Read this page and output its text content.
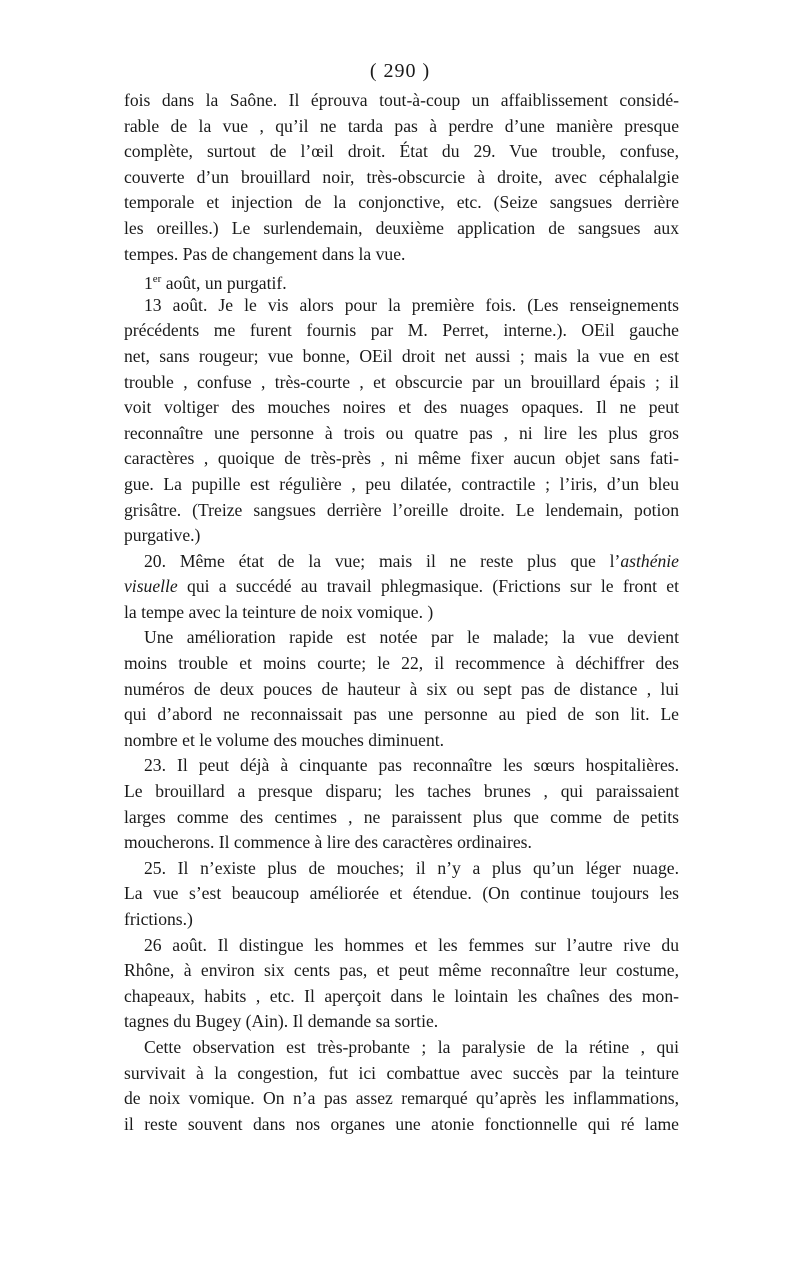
( 290 )
fois dans la Saône. Il éprouva tout-à-coup un affaiblissement considé-
rable de la vue , qu’il ne tarda pas à perdre d’une manière presque
complète, surtout de l’œil droit. État du 29. Vue trouble, confuse,
couverte d’un brouillard noir, très-obscurcie à droite, avec céphalalgie
temporale et injection de la conjonctive, etc. (Seize sangsues derrière
les oreilles.) Le surlendemain, deuxième application de sangsues aux
tempes. Pas de changement dans la vue.
1er août, un purgatif.
13 août. Je le vis alors pour la première fois. (Les renseignements
précédents me furent fournis par M. Perret, interne.). OEil gauche
net, sans rougeur; vue bonne, OEil droit net aussi ; mais la vue en est
trouble , confuse , très-courte , et obscurcie par un brouillard épais ; il
voit voltiger des mouches noires et des nuages opaques. Il ne peut
reconnaître une personne à trois ou quatre pas , ni lire les plus gros
caractères , quoique de très-près , ni même fixer aucun objet sans fati-
gue. La pupille est régulière , peu dilatée, contractile ; l’iris, d’un bleu
grisâtre. (Treize sangsues derrière l’oreille droite. Le lendemain, potion
purgative.)
20. Même état de la vue; mais il ne reste plus que l’asthénie
visuelle qui a succédé au travail phlegmasique. (Frictions sur le front et
la tempe avec la teinture de noix vomique. )
Une amélioration rapide est notée par le malade; la vue devient
moins trouble et moins courte; le 22, il recommence à déchiffrer des
numéros de deux pouces de hauteur à six ou sept pas de distance , lui
qui d’abord ne reconnaissait pas une personne au pied de son lit. Le
nombre et le volume des mouches diminuent.
23. Il peut déjà à cinquante pas reconnaître les sœurs hospitalières.
Le brouillard a presque disparu; les taches brunes , qui paraissaient
larges comme des centimes , ne paraissent plus que comme de petits
moucherons. Il commence à lire des caractères ordinaires.
25. Il n’existe plus de mouches; il n’y a plus qu’un léger nuage.
La vue s’est beaucoup améliorée et étendue. (On continue toujours les
frictions.)
26 août. Il distingue les hommes et les femmes sur l’autre rive du
Rhône, à environ six cents pas, et peut même reconnaître leur costume,
chapeaux, habits , etc. Il aperçoit dans le lointain les chaînes des mon-
tagnes du Bugey (Ain). Il demande sa sortie.
Cette observation est très-probante ; la paralysie de la rétine , qui
survivait à la congestion, fut ici combattue avec succès par la teinture
de noix vomique. On n’a pas assez remarqué qu’après les inflammations,
il reste souvent dans nos organes une atonie fonctionnelle qui ré lame
